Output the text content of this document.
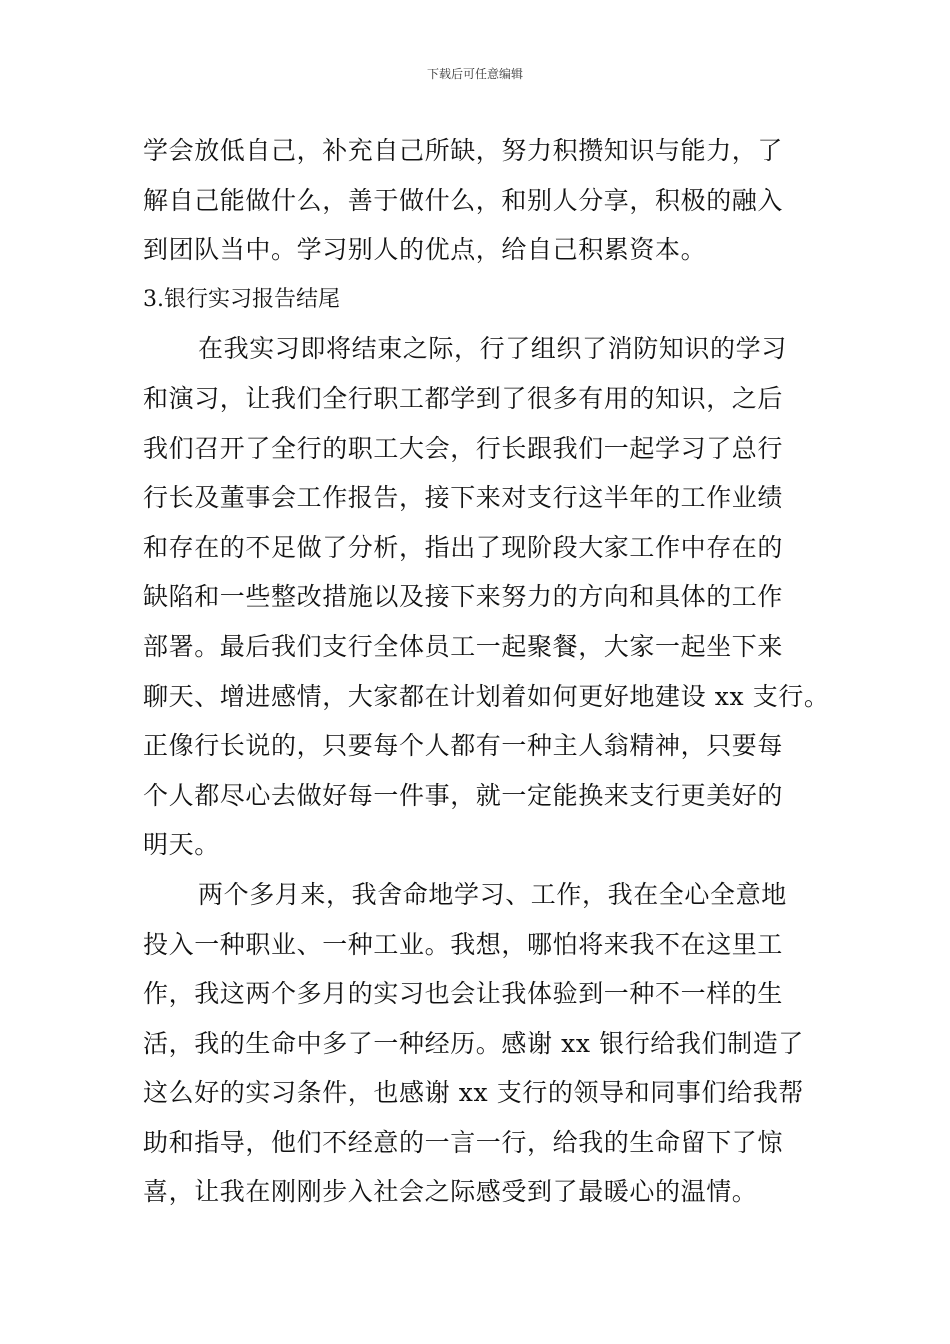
下载后可任意编辑
学会放低自己，补充自己所缺，努力积攒知识与能力，了
解自己能做什么，善于做什么，和别人分享，积极的融入
到团队当中。学习别人的优点，给自己积累资本。
3.银行实习报告结尾
在我实习即将结束之际，行了组织了消防知识的学习
和演习，让我们全行职工都学到了很多有用的知识，之后
我们召开了全行的职工大会，行长跟我们一起学习了总行
行长及董事会工作报告，接下来对支行这半年的工作业绩
和存在的不足做了分析，指出了现阶段大家工作中存在的
缺陷和一些整改措施以及接下来努力的方向和具体的工作
部署。最后我们支行全体员工一起聚餐，大家一起坐下来
聊天、增进感情，大家都在计划着如何更好地建设 xx 支行。
正像行长说的，只要每个人都有一种主人翁精神，只要每
个人都尽心去做好每一件事，就一定能换来支行更美好的
明天。
两个多月来，我舍命地学习、工作，我在全心全意地
投入一种职业、一种工业。我想，哪怕将来我不在这里工
作，我这两个多月的实习也会让我体验到一种不一样的生
活，我的生命中多了一种经历。感谢 xx 银行给我们制造了
这么好的实习条件，也感谢 xx 支行的领导和同事们给我帮
助和指导，他们不经意的一言一行，给我的生命留下了惊
喜，让我在刚刚步入社会之际感受到了最暖心的温情。
